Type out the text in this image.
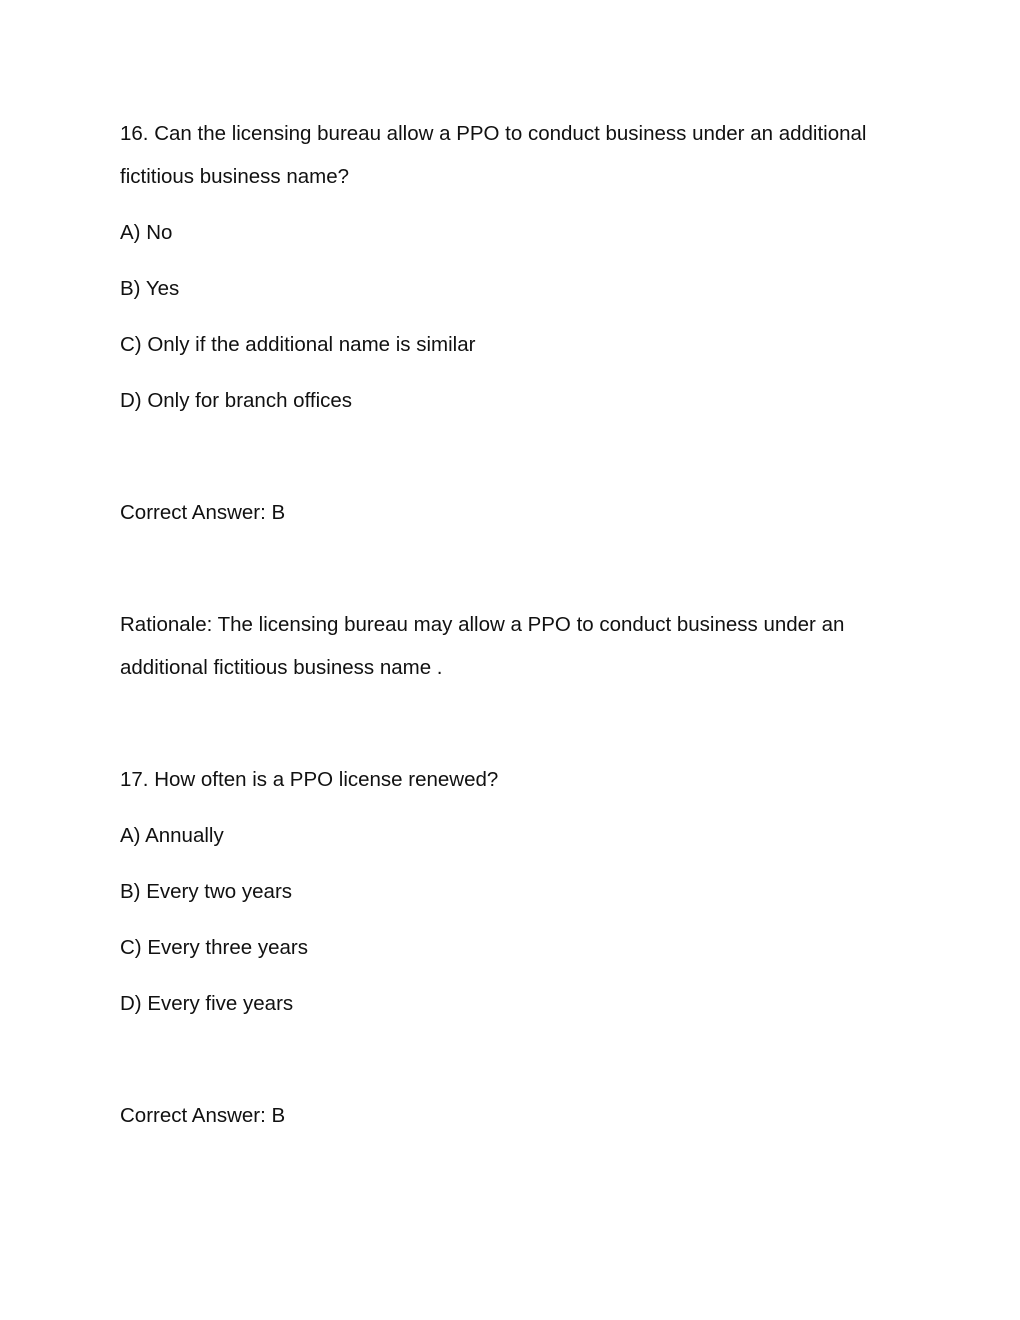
16. Can the licensing bureau allow a PPO to conduct business under an additional
fictitious business name?
A) No
B) Yes
C) Only if the additional name is similar
D) Only for branch offices
Correct Answer: B
Rationale: The licensing bureau may allow a PPO to conduct business under an
additional fictitious business name .
17. How often is a PPO license renewed?
A) Annually
B) Every two years
C) Every three years
D) Every five years
Correct Answer: B
